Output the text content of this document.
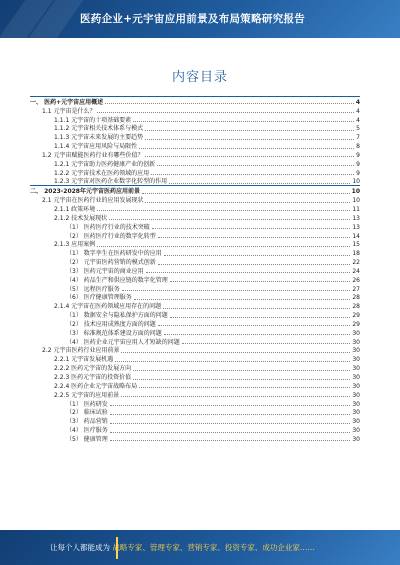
医药企业+元宇宙应用前景及布局策略研究报告
内容目录
一、 医药+元宇宙应用概述	4
1.1 元宇宙是什么？	4
1.1.1 元宇宙的十项基础要素	4
1.1.2 元宇宙相关技术体系与模式	5
1.1.3 元宇宙未来发展的主要趋势	7
1.1.4 元宇宙应用风险与局限性	8
1.2 元宇宙赋能医药行业有哪些价值？	9
1.2.1 元宇宙助力医药健康产业的创新	9
1.2.2 元宇宙技术在医药领域的应用	9
1.2.3 元宇宙对医药企业数字化转型的作用	10
二、 2023-2028年元宇宙医药应用前景	10
2.1 元宇宙在医药行业的应用发展现状	10
2.1.1 政策环境	11
2.1.2 技术发展现状	13
（1） 医药医疗行业的技术突破	13
（2） 医药医疗行业的数字化转型	14
2.1.3 应用案例	15
（1） 数字孪生在医药研发中的应用	18
（2） 元宇宙医药营销的模式创新	22
（3） 医药元宇宙的商业应用	24
（4） 药品生产和供应链的数字化管理	26
（5） 远程医疗服务	27
（6） 医疗健康管理服务	28
2.1.4 元宇宙在医药领域应用存在的问题	28
（1） 数据安全与隐私保护方面的问题	29
（2） 技术应用成熟度方面的问题	29
（3） 标准规范体系建设方面的问题	30
（4） 医药企业元宇宙应用人才短缺的问题	30
2.2 元宇宙医药行业应用前景	30
2.2.1 元宇宙发展机遇	30
2.2.2 医药元宇宙的发展方向	30
2.2.3 医药元宇宙的投资价值	30
2.2.4 医药企业元宇宙战略布局	30
2.2.5 元宇宙的应用前景	30
（1） 医药研发	30
（2） 临床试验	30
（3） 药品营销	30
（4） 医疗服务	30
（5） 健康管理	30
让每个人都能成为 战略专家、管理专家、营销专家、投资专家、成功企业家……
